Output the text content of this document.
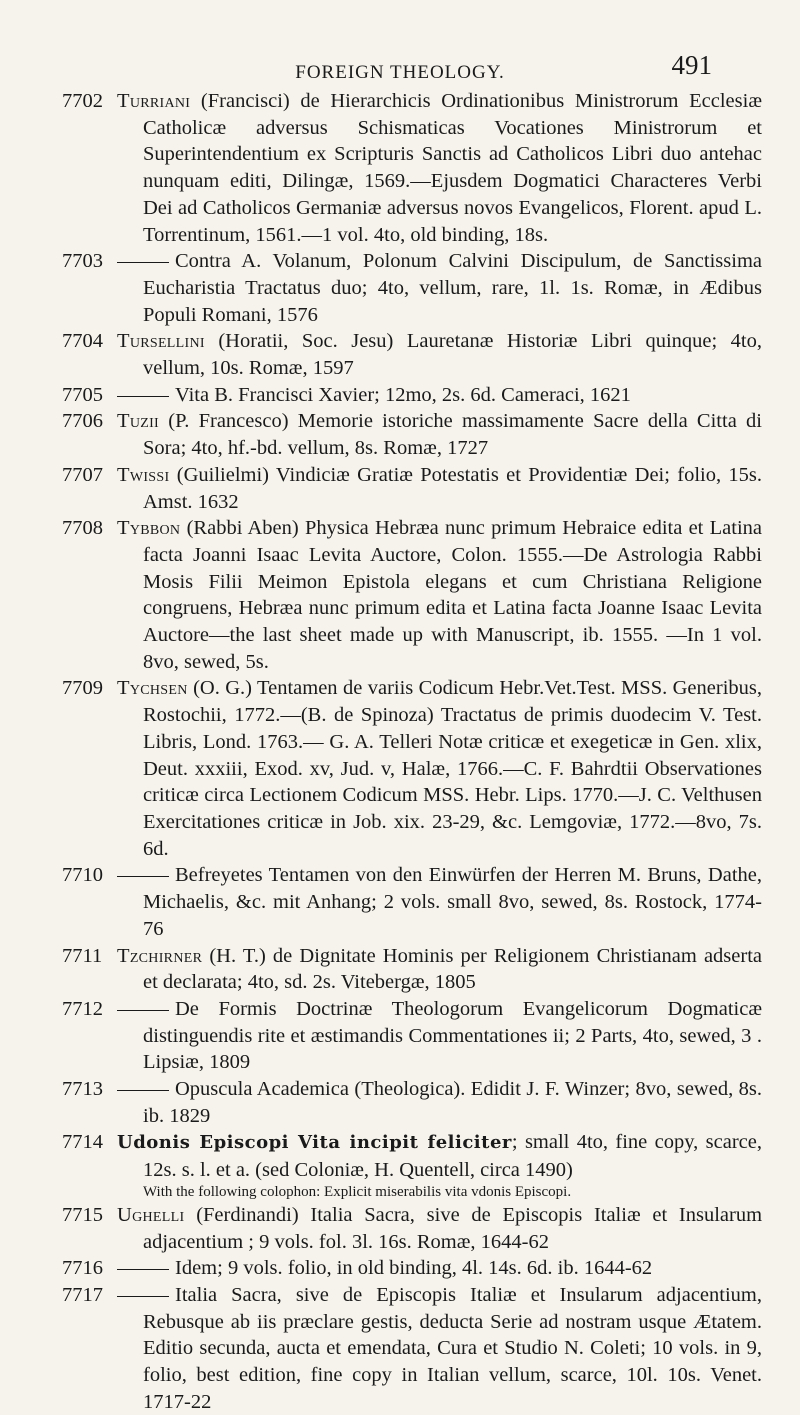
FOREIGN THEOLOGY.	491
7702 Turriani (Francisci) de Hierarchicis Ordinationibus Ministrorum Ecclesiæ Catholicæ adversus Schismaticas Vocationes Ministrorum et Superintendentium ex Scripturis Sanctis ad Catholicos Libri duo antehac nunquam editi, Dilingæ, 1569.—Ejusdem Dogmatici Characteres Verbi Dei ad Catholicos Germaniæ adversus novos Evangelicos, Florent. apud L. Torrentinum, 1561.—1 vol. 4to, old binding, 18s.
7703	Contra A. Volanum, Polonum Calvini Discipulum, de Sanctissima Eucharistia Tractatus duo; 4to, vellum, rare, 1l. 1s. Romæ, in Ædibus Populi Romani, 1576
7704 Tursellini (Horatii, Soc. Jesu) Lauretanæ Historiæ Libri quinque; 4to, vellum, 10s. Romæ, 1597
7705	Vita B. Francisci Xavier; 12mo, 2s. 6d. Cameraci, 1621
7706 Tuzii (P. Francesco) Memorie istoriche massimamente Sacre della Citta di Sora; 4to, hf.-bd. vellum, 8s. Romæ, 1727
7707 Twissi (Guilielmi) Vindiciæ Gratiæ Potestatis et Providentiæ Dei; folio, 15s. Amst. 1632
7708 Tybbon (Rabbi Aben) Physica Hebræa nunc primum Hebraice edita et Latina facta Joanni Isaac Levita Auctore, Colon. 1555.—De Astrologia Rabbi Mosis Filii Meimon Epistola elegans et cum Christiana Religione congruens, Hebræa nunc primum edita et Latina facta Joanne Isaac Levita Auctore—the last sheet made up with Manuscript, ib. 1555. —In 1 vol. 8vo, sewed, 5s.
7709 Tychsen (O. G.) Tentamen de variis Codicum Hebr.Vet.Test. MSS. Generibus, Rostochii, 1772.—(B. de Spinoza) Tractatus de primis duodecim V. Test. Libris, Lond. 1763.— G. A. Telleri Notæ criticæ et exegeticæ in Gen. xlix, Deut. xxxiii, Exod. xv, Jud. v, Halæ, 1766.—C. F. Bahrdtii Observationes criticæ circa Lectionem Codicum MSS. Hebr. Lips. 1770.—J. C. Velthusen Exercitationes criticæ in Job. xix. 23-29, &c. Lemgoviæ, 1772.—8vo, 7s. 6d.
7710	Befreyetes Tentamen von den Einwürfen der Herren M. Bruns, Dathe, Michaelis, &c. mit Anhang; 2 vols. small 8vo, sewed, 8s. Rostock, 1774-76
7711 Tzchirner (H. T.) de Dignitate Hominis per Religionem Christianam adserta et declarata; 4to, sd. 2s. Vitebergæ, 1805
7712	De Formis Doctrinæ Theologorum Evangelicorum Dogmaticæ distinguendis rite et æstimandis Commentationes ii; 2 Parts, 4to, sewed, 3 . Lipsiæ, 1809
7713	Opuscula Academica (Theologica). Edidit J. F. Winzer; 8vo, sewed, 8s. ib. 1829
7714 Udonis Episcopi Vita incipit feliciter; small 4to, fine copy, scarce, 12s. s. l. et a. (sed Coloniæ, H. Quentell, circa 1490)
With the following colophon: Explicit miserabilis vita vdonis Episcopi.
7715 Ughelli (Ferdinandi) Italia Sacra, sive de Episcopis Italiæ et Insularum adjacentium ; 9 vols. fol. 3l. 16s. Romæ, 1644-62
7716	Idem; 9 vols. folio, in old binding, 4l. 14s. 6d. ib. 1644-62
7717	Italia Sacra, sive de Episcopis Italiæ et Insularum adjacentium, Rebusque ab iis præclare gestis, deducta Serie ad nostram usque Ætatem. Editio secunda, aucta et emendata, Cura et Studio N. Coleti; 10 vols. in 9, folio, best edition, fine copy in Italian vellum, scarce, 10l. 10s. Venet. 1717-22
